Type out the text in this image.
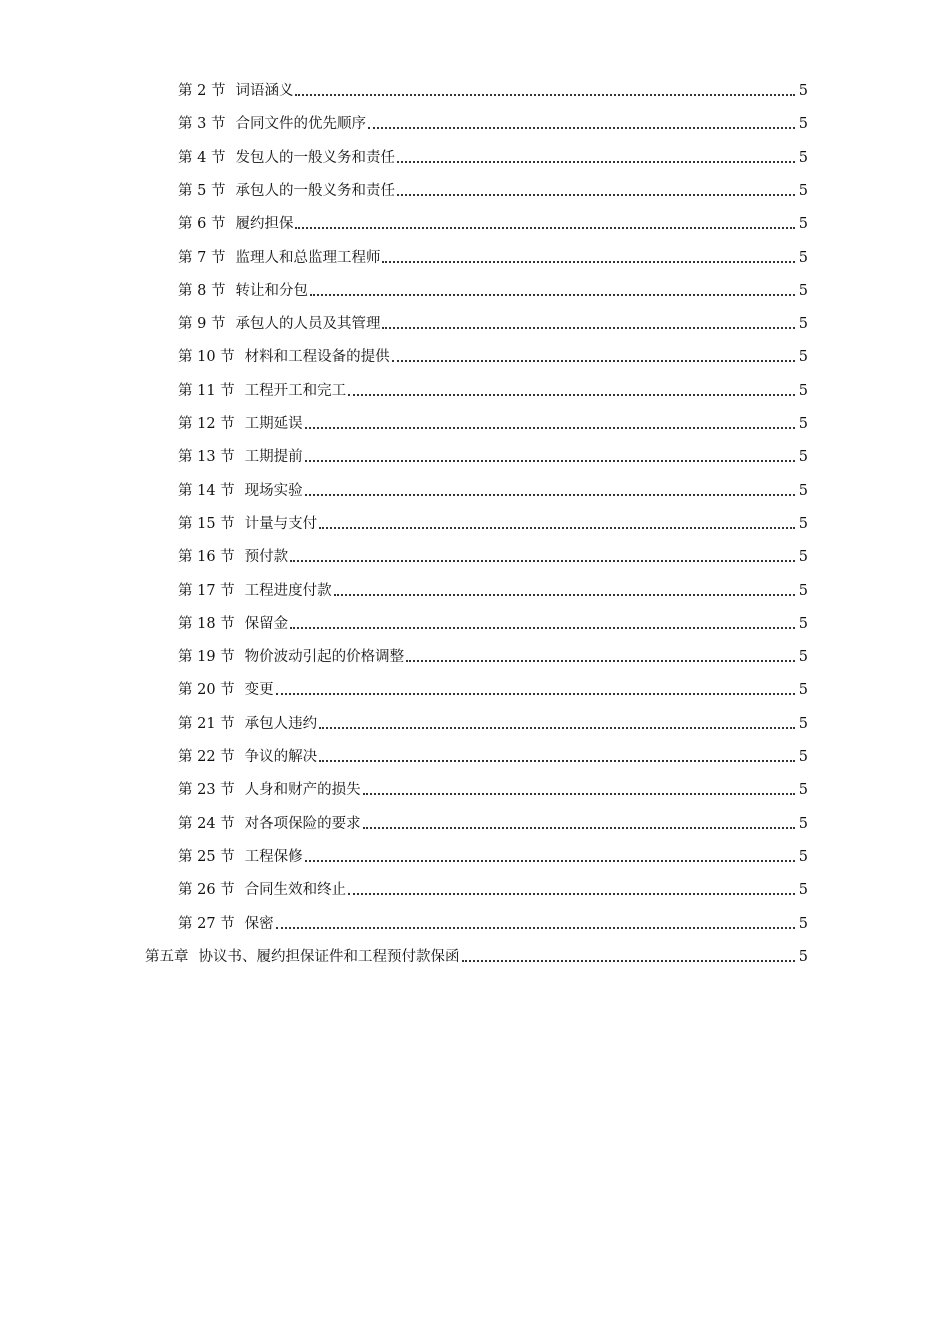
第 2 节 词语涵义	5
第 3 节 合同文件的优先顺序	5
第 4 节 发包人的一般义务和责任	5
第 5 节 承包人的一般义务和责任	5
第 6 节 履约担保	5
第 7 节 监理人和总监理工程师	5
第 8 节 转让和分包	5
第 9 节 承包人的人员及其管理	5
第 10 节 材料和工程设备的提供	5
第 11 节 工程开工和完工	5
第 12 节 工期延误	5
第 13 节 工期提前	5
第 14 节 现场实验	5
第 15 节 计量与支付	5
第 16 节 预付款	5
第 17 节 工程进度付款	5
第 18 节 保留金	5
第 19 节 物价波动引起的价格调整	5
第 20 节 变更	5
第 21 节 承包人违约	5
第 22 节 争议的解决	5
第 23 节 人身和财产的损失	5
第 24 节 对各项保险的要求	5
第 25 节 工程保修	5
第 26 节 合同生效和终止	5
第 27 节 保密	5
第五章 协议书、履约担保证件和工程预付款保函	5
